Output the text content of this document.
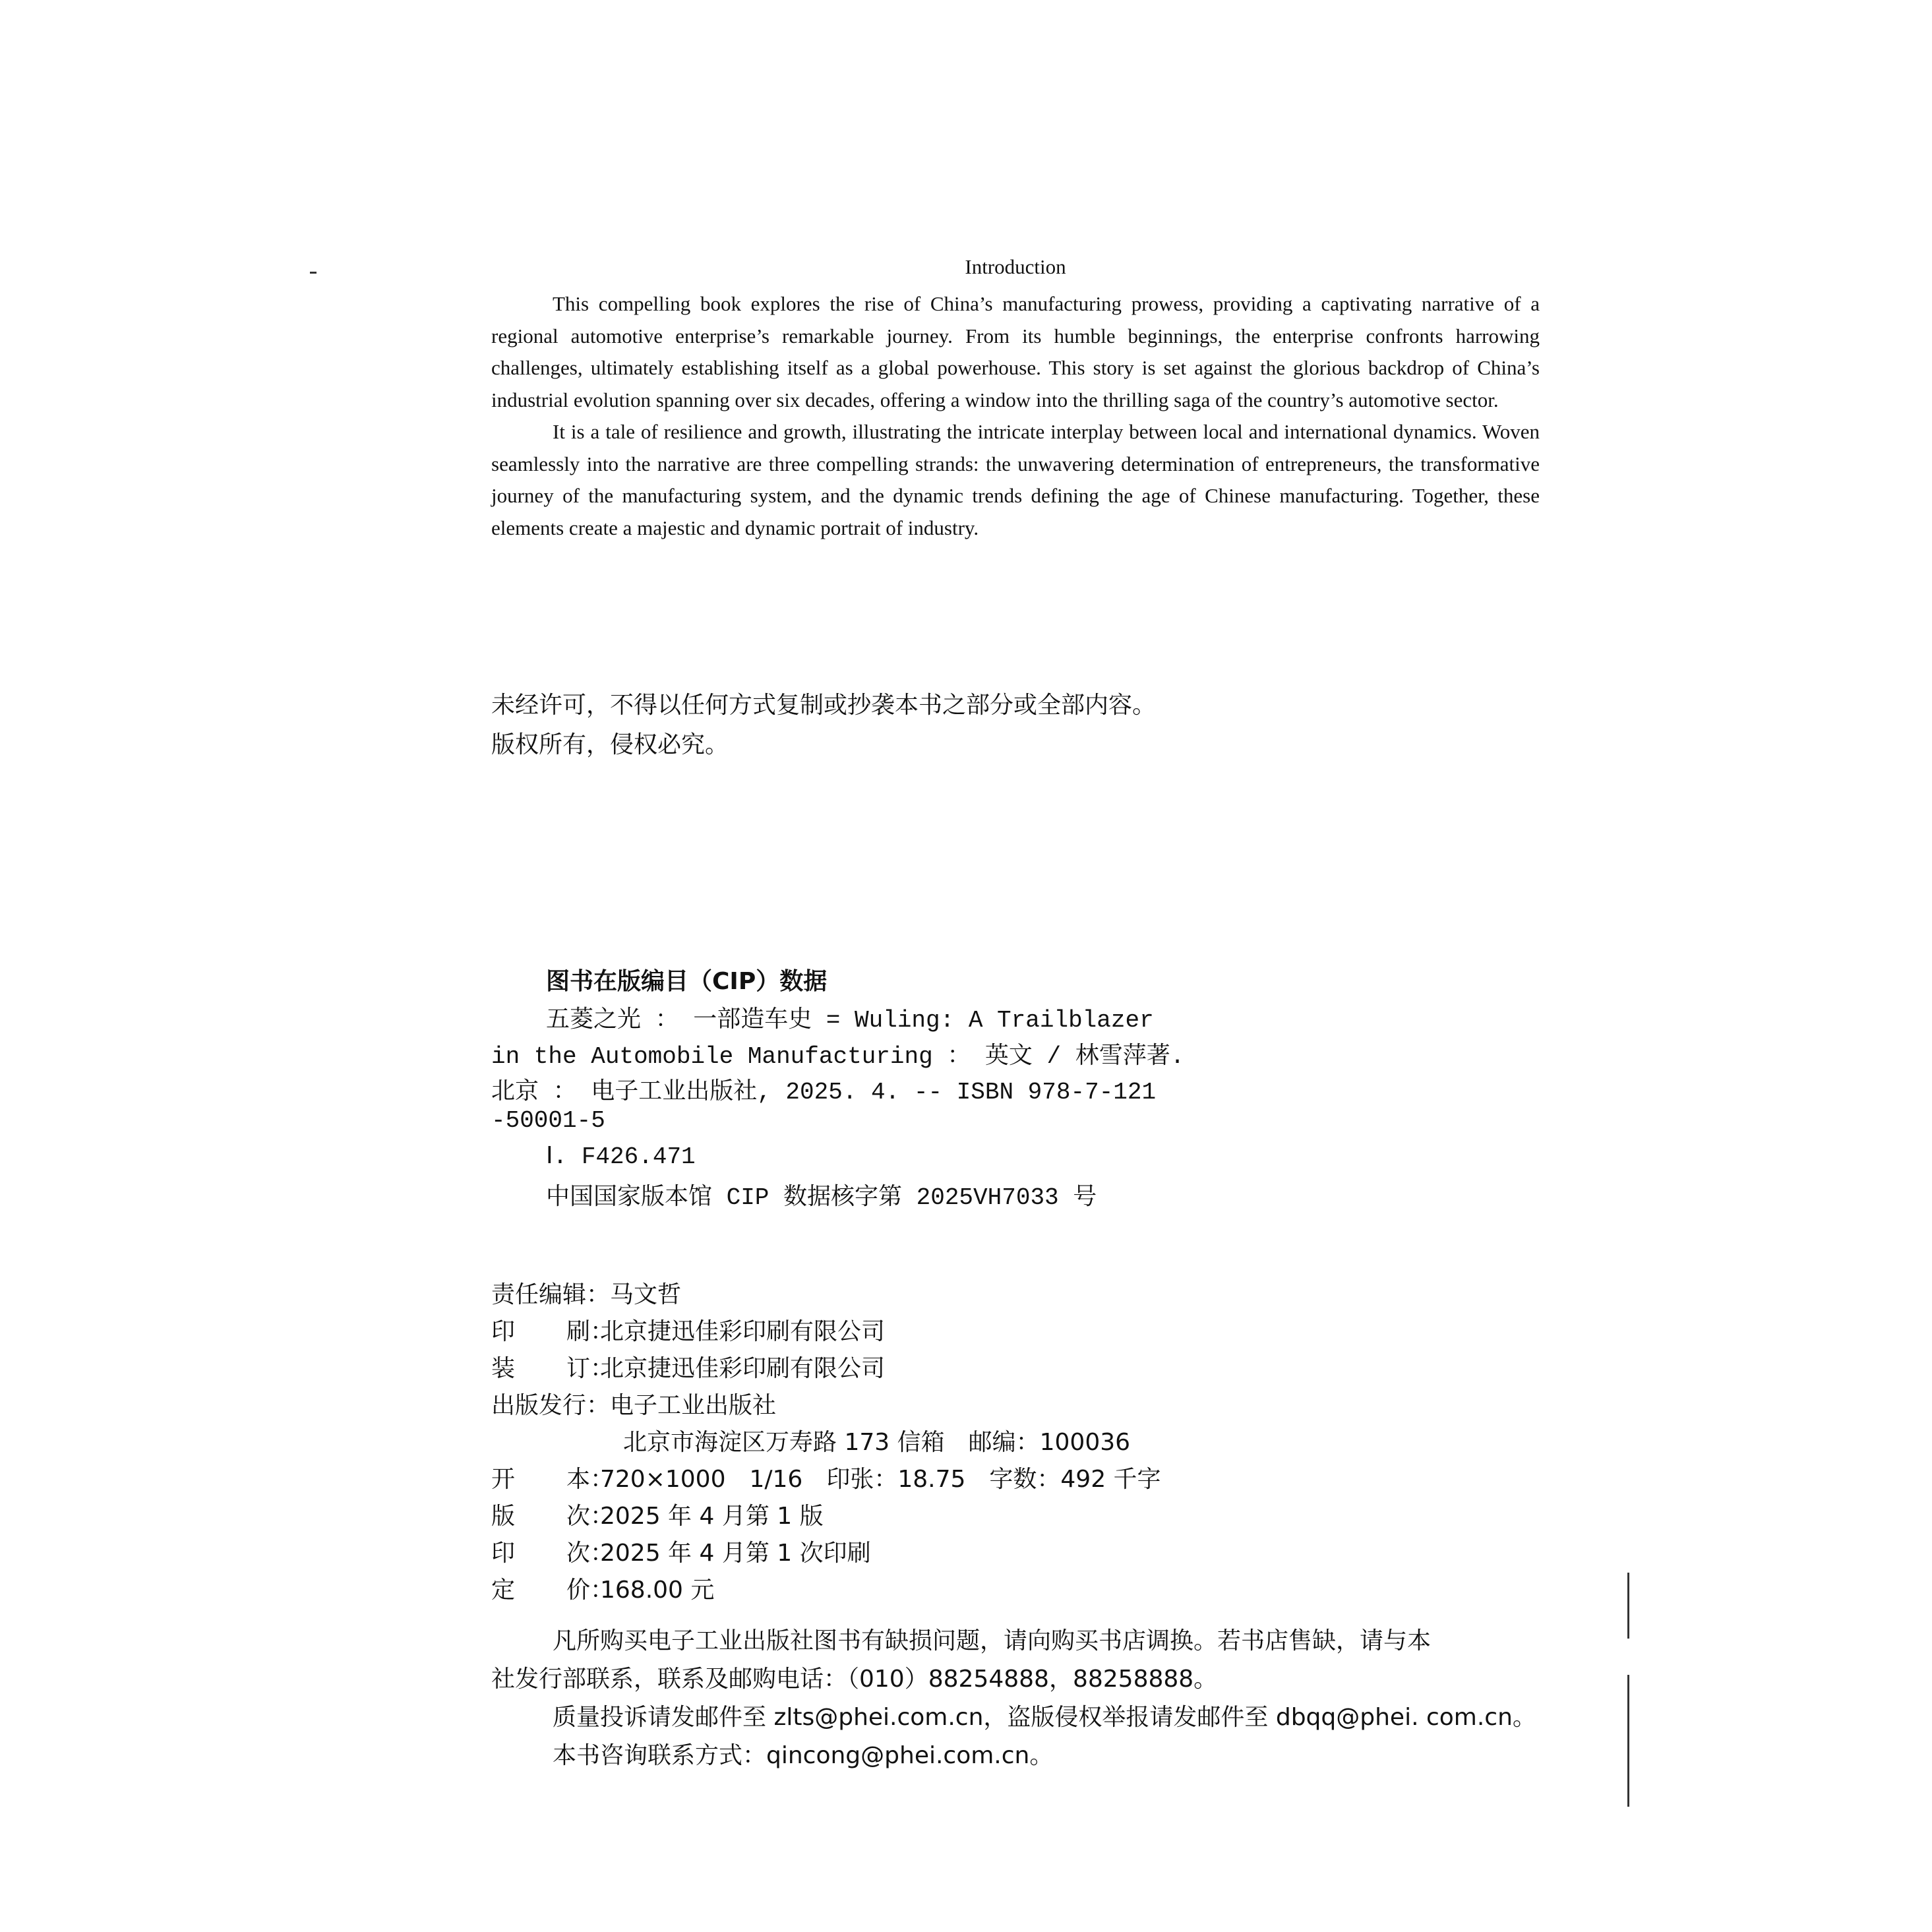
Introduction

This compelling book explores the rise of China’s manufacturing prowess, providing a captivating narrative of a regional automotive enterprise’s remarkable journey. From its humble beginnings, the enterprise confronts harrowing challenges, ultimately establishing itself as a global powerhouse. This story is set against the glorious backdrop of China’s industrial evolution spanning over six decades, offering a window into the thrilling saga of the country’s automotive sector.

It is a tale of resilience and growth, illustrating the intricate interplay between local and international dynamics. Woven seamlessly into the narrative are three compelling strands: the unwavering determination of entrepreneurs, the transformative journey of the manufacturing system, and the dynamic trends defining the age of Chinese manufacturing. Together, these elements create a majestic and dynamic portrait of industry.

未经许可，不得以任何方式复制或抄袭本书之部分或全部内容。
版权所有，侵权必究。
图书在版编目（CIP）数据
五菱之光 ： 一部造车史 = Wuling: A Trailblazer
in the Automobile Manufacturing ： 英文 / 林雪萍著.
北京 ： 电子工业出版社, 2025. 4. -- ISBN 978-7-121
-50001-5
Ⅰ. F426.471
中国国家版本馆 CIP 数据核字第 2025VH7033 号
责任编辑：马文哲
印 刷：
北京捷迅佳彩印刷有限公司
装 订：
北京捷迅佳彩印刷有限公司
出版发行：电子工业出版社
北京市海淀区万寿路 173 信箱　邮编：100036
开 本：
720×1000　1/16　印张：18.75　字数：492 千字
版 次：
2025 年 4 月第 1 版
印 次：
2025 年 4 月第 1 次印刷
定 价：
168.00 元

凡所购买电子工业出版社图书有缺损问题，请向购买书店调换。若书店售缺，请与本

社发行部联系，联系及邮购电话：（010）88254888，88258888。

质量投诉请发邮件至 zlts@phei.com.cn，盗版侵权举报请发邮件至 dbqq@phei. com.cn。

本书咨询联系方式：qincong@phei.com.cn。
